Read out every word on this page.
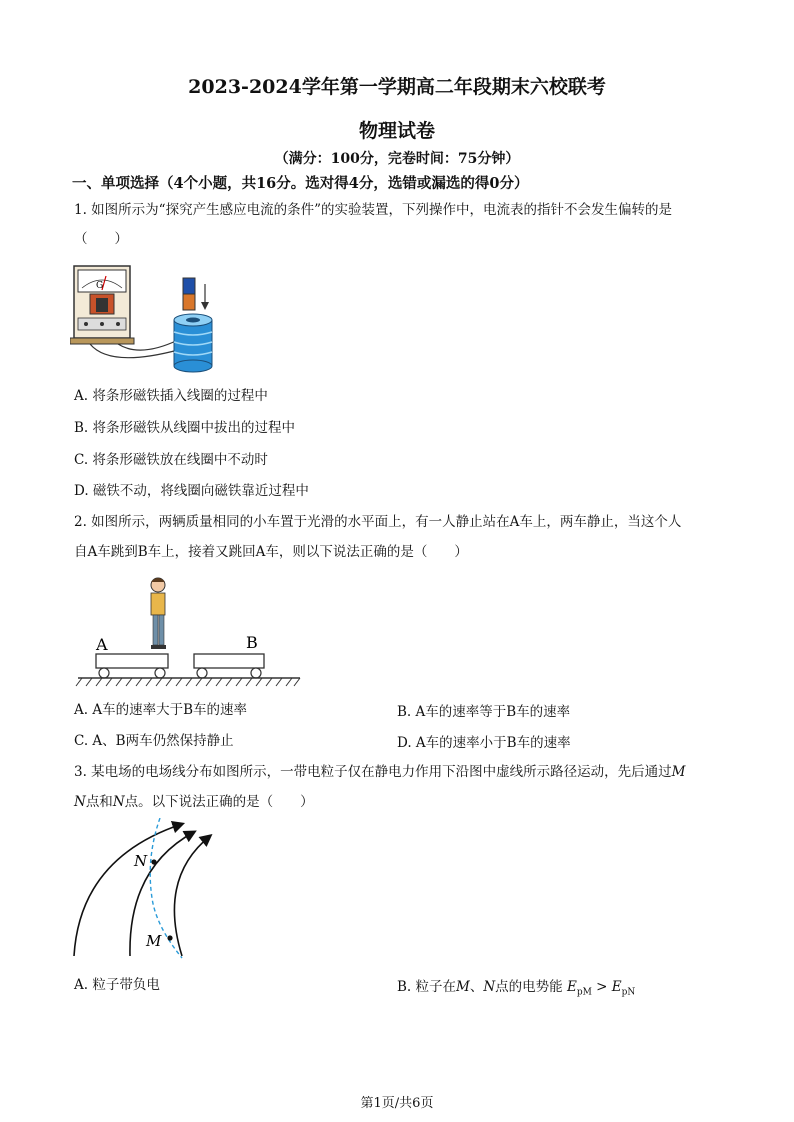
2023-2024学年第一学期高二年段期末六校联考
物理试卷
（满分：100分，完卷时间：75分钟）
一、单项选择（4个小题，共16分。选对得4分，选错或漏选的得0分）
1. 如图所示为“探究产生感应电流的条件”的实验装置，下列操作中，电流表的指针不会发生偏转的是
（　　）
G
A. 将条形磁铁插入线圈的过程中
B. 将条形磁铁从线圈中拔出的过程中
C. 将条形磁铁放在线圈中不动时
D. 磁铁不动，将线圈向磁铁靠近过程中
2. 如图所示，两辆质量相同的小车置于光滑的水平面上，有一人静止站在A车上，两车静止，当这个人
自A车跳到B车上，接着又跳回A车，则以下说法正确的是（　　）
A	B
A. A车的速率大于B车的速率	B. A车的速率等于B车的速率
C. A、B两车仍然保持静止	D. A车的速率小于B车的速率
3. 某电场的电场线分布如图所示，一带电粒子仅在静电力作用下沿图中虚线所示路径运动，先后通过M
N点和N点。以下说法正确的是（　　）
N
M
A. 粒子带负电	B. 粒子在M、N点的电势能 $E_{pM} > E_{pN}$
第1页/共6页
